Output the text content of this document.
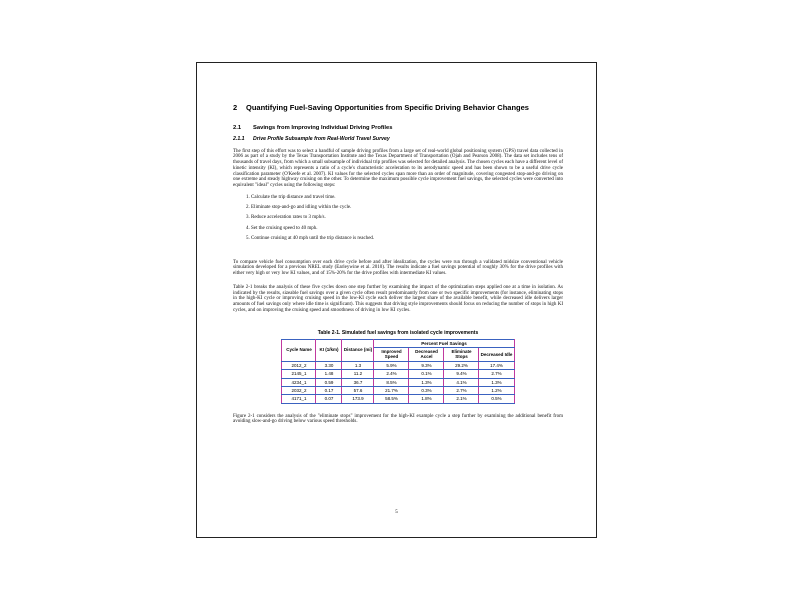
2	Quantifying Fuel-Saving Opportunities from Specific Driving Behavior Changes
2.1	Savings from Improving Individual Driving Profiles
2.1.1	Drive Profile Subsample from Real-World Travel Survey

The first step of this effort was to select a handful of sample driving profiles from a large set of real-world global positioning system (GPS) travel data collected in 2006 as part of a study by the Texas Transportation Institute and the Texas Department of Transportation (Ojah and Pearson 2008). The data set includes tens of thousands of travel days, from which a small subsample of individual trip profiles was selected for detailed analysis. The chosen cycles each have a different level of kinetic intensity (KI), which represents a ratio of a cycle's characteristic acceleration to its aerodynamic speed and has been shown to be a useful drive cycle classification parameter (O'Keefe et al. 2007). KI values for the selected cycles span more than an order of magnitude, covering congested stop-and-go driving on one extreme and steady highway cruising on the other. To determine the maximum possible cycle improvement fuel savings, the selected cycles were converted into equivalent "ideal" cycles using the following steps:

1. Calculate the trip distance and travel time.
2. Eliminate stop-and-go and idling within the cycle.
3. Reduce acceleration rates to 3 mph/s.
4. Set the cruising speed to 40 mph.
5. Continue cruising at 40 mph until the trip distance is reached.

To compare vehicle fuel consumption over each drive cycle before and after idealization, the cycles were run through a validated midsize conventional vehicle simulation developed for a previous NREL study (Earleywine et al. 2010). The results indicate a fuel savings potential of roughly 30% for the drive profiles with either very high or very low KI values, and of 15%-20% for the drive profiles with intermediate KI values.

Table 2-1 breaks the analysis of these five cycles down one step further by examining the impact of the optimization steps applied one at a time in isolation. As indicated by the results, sizeable fuel savings over a given cycle often result predominantly from one or two specific improvements (for instance, eliminating stops in the high-KI cycle or improving cruising speed in the low-KI cycle each deliver the largest share of the available benefit, while decreased idle delivers larger amounts of fuel savings only where idle time is significant). This suggests that driving style improvements should focus on reducing the number of stops in high KI cycles, and on improving the cruising speed and smoothness of driving in low KI cycles.

Table 2-1. Simulated fuel savings from isolated cycle improvements
Cycle Name	KI (1/km)	Distance (mi)	Percent Fuel Savings			
			Improved Speed	Decreased Accel	Eliminate Stops	Decreased Idle
2012_2	3.30	1.3	5.9%	9.3%	29.2%	17.4%
2145_1	1.48	11.2	2.4%	0.1%	9.4%	2.7%
4234_1	0.59	36.7	8.5%	1.3%	4.1%	1.3%
2032_2	0.17	57.6	21.7%	0.3%	2.7%	1.2%
4171_1	0.07	173.9	58.5%	1.8%	2.1%	0.5%

Figure 2-1 considers the analysis of the "eliminate stops" improvement for the high-KI example cycle a step further by examining the additional benefit from avoiding slow-and-go driving below various speed thresholds.

5
